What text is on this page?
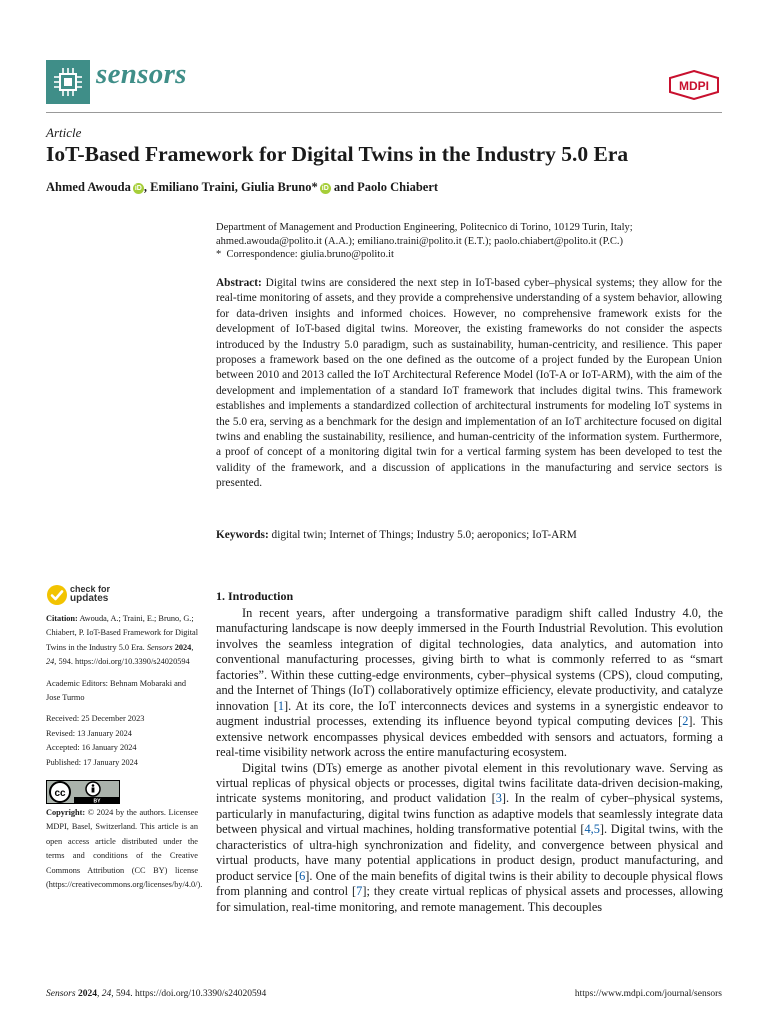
sensors	MDPI
Article
IoT-Based Framework for Digital Twins in the Industry 5.0 Era
Ahmed Awouda iD , Emiliano Traini, Giulia Bruno* iD and Paolo Chiabert
Department of Management and Production Engineering, Politecnico di Torino, 10129 Turin, Italy;
ahmed.awouda@polito.it (A.A.); emiliano.traini@polito.it (E.T.); paolo.chiabert@polito.it (P.C.)
* Correspondence: giulia.bruno@polito.it
Abstract: Digital twins are considered the next step in IoT-based cyber–physical systems; they allow for the real-time monitoring of assets, and they provide a comprehensive understanding of a system behavior, allowing for data-driven insights and informed choices. However, no comprehensive framework exists for the development of IoT-based digital twins. Moreover, the existing frameworks do not consider the aspects introduced by the Industry 5.0 paradigm, such as sustainability, human-centricity, and resilience. This paper proposes a framework based on the one defined as the outcome of a project funded by the European Union between 2010 and 2013 called the IoT Architectural Reference Model (IoT-A or IoT-ARM), with the aim of the development and implementation of a standard IoT framework that includes digital twins. This framework establishes and implements a standardized collection of architectural instruments for modeling IoT systems in the 5.0 era, serving as a benchmark for the design and implementation of an IoT architecture focused on digital twins and enabling the sustainability, resilience, and human-centricity of the information system. Furthermore, a proof of concept of a monitoring digital twin for a vertical farming system has been developed to test the validity of the framework, and a discussion of applications in the manufacturing and service sectors is presented.
Keywords: digital twin; Internet of Things; Industry 5.0; aeroponics; IoT-ARM
check for
updates

Citation: Awouda, A.; Traini, E.; Bruno, G.; Chiabert, P. IoT-Based Framework for Digital Twins in the Industry 5.0 Era. Sensors 2024, 24, 594. https://doi.org/10.3390/s24020594

Academic Editors: Behnam Mobaraki and Jose Turmo

Received: 25 December 2023

Revised: 13 January 2024

Accepted: 16 January 2024

Published: 17 January 2024

cc
BY

Copyright: © 2024 by the authors. Licensee MDPI, Basel, Switzerland. This article is an open access article distributed under the terms and conditions of the Creative Commons Attribution (CC BY) license (https://creativecommons.org/licenses/by/4.0/).

1. Introduction

In recent years, after undergoing a transformative paradigm shift called Industry 4.0, the manufacturing landscape is now deeply immersed in the Fourth Industrial Revolution. This evolution involves the seamless integration of digital technologies, data analytics, and automation into conventional manufacturing processes, giving birth to what is commonly referred to as “smart factories”. Within these cutting-edge environments, cyber–physical systems (CPS), cloud computing, and the Internet of Things (IoT) collaboratively optimize efficiency, elevate productivity, and catalyze innovation [1]. At its core, the IoT interconnects devices and systems in a synergistic endeavor to augment industrial processes, extending its influence beyond typical computing devices [2]. This extensive network encompasses physical devices embedded with sensors and actuators, forming a real-time visibility network across the entire manufacturing ecosystem.

Digital twins (DTs) emerge as another pivotal element in this revolutionary wave. Serving as virtual replicas of physical objects or processes, digital twins facilitate data-driven decision-making, intricate systems monitoring, and product validation [3]. In the realm of cyber–physical systems, particularly in manufacturing, digital twins function as adaptive models that seamlessly integrate data between physical and virtual machines, holding transformative potential [4,5]. Digital twins, with the characteristics of ultra-high synchronization and fidelity, and convergence between physical and virtual products, have many potential applications in product design, product manufacturing, and product service [6]. One of the main benefits of digital twins is their ability to decouple physical flows from planning and control [7]; they create virtual replicas of physical assets and processes, allowing for simulation, real-time monitoring, and remote management. This decouples

Sensors 2024, 24, 594. https://doi.org/10.3390/s24020594	https://www.mdpi.com/journal/sensors
